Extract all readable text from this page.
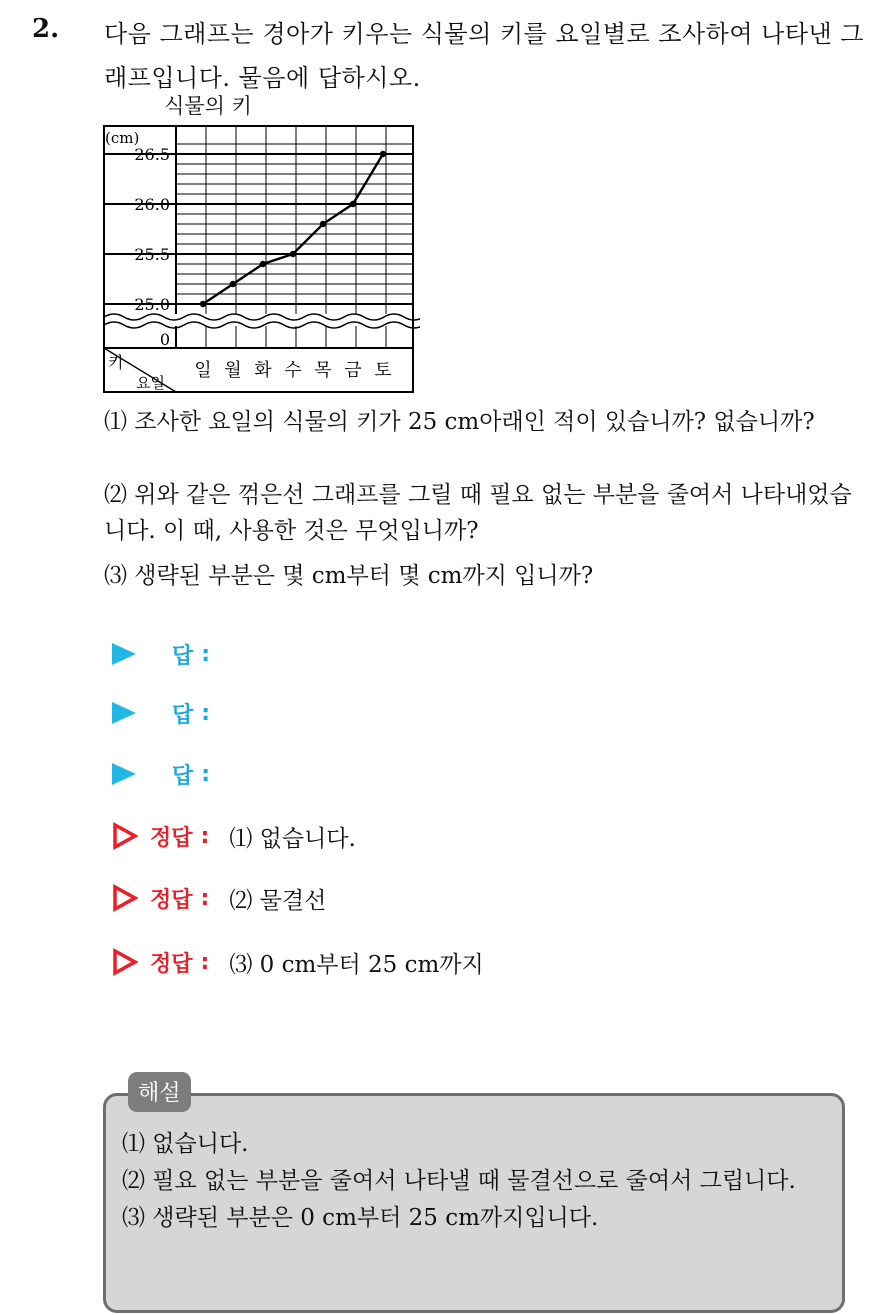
2. 다음 그래프는 경아가 키우는 식물의 키를 요일별로 조사하여 나타낸 그래프입니다. 물음에 답하시오.
식물의 키
(cm)
26.5
26.0
25.5
25.0
0
일 월 화 수 목 금 토
키
요일
⑴ 조사한 요일의 식물의 키가 25 cm아래인 적이 있습니까? 없습니까?
⑵ 위와 같은 꺾은선 그래프를 그릴 때 필요 없는 부분을 줄여서 나타내었습니다. 이 때, 사용한 것은 무엇입니까?
⑶ 생략된 부분은 몇 cm부터 몇 cm까지 입니까?
답 :
답 :
답 :
정답 : ⑴ 없습니다.
정답 : ⑵ 물결선
정답 : ⑶ 0 cm부터 25 cm까지
해설
⑴ 없습니다.
⑵ 필요 없는 부분을 줄여서 나타낼 때 물결선으로 줄여서 그립니다.
⑶ 생략된 부분은 0 cm부터 25 cm까지입니다.
